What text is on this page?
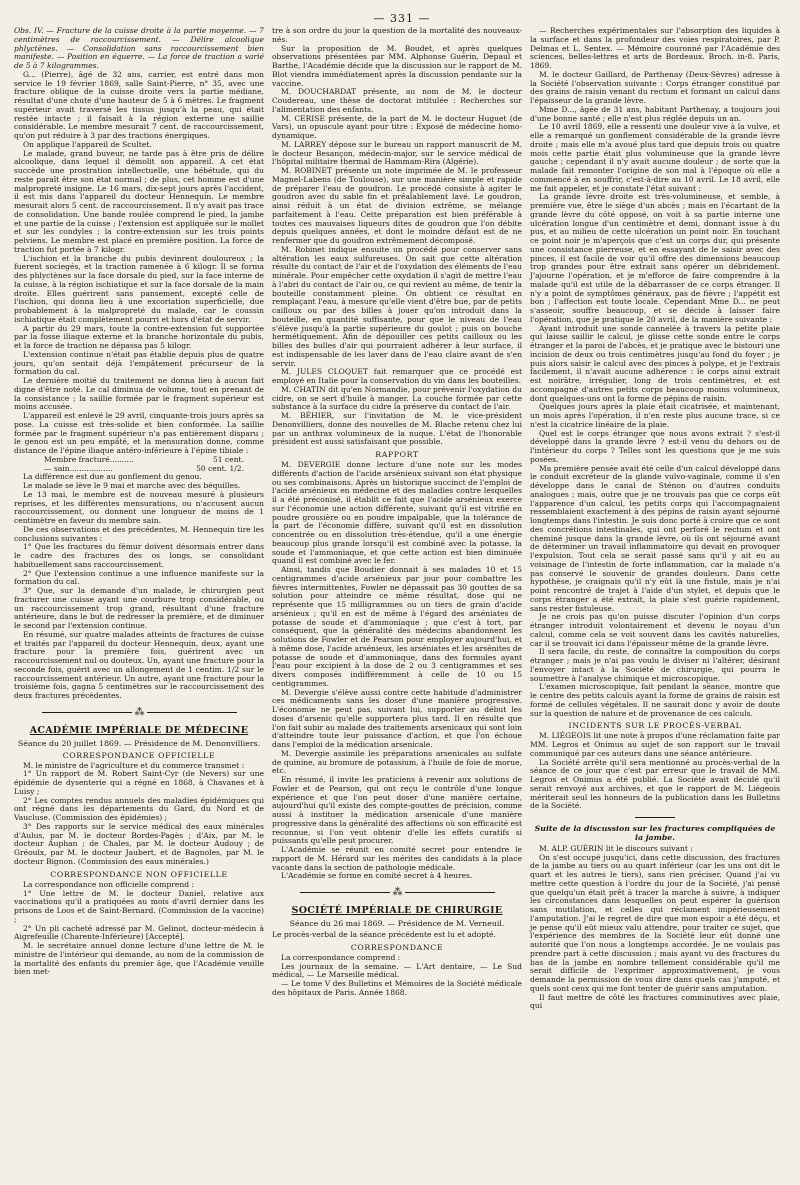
— 331 —

Obs. IV. — Fracture de la cuisse droite à la partie moyenne. — 7 centimètres de raccourcissement. — Délire alcoolique phlyctènes. — Consolidation sans raccourcissement bien manifeste. — Position en équerre. — La force de traction a varié de 5 à 7 kilogrammes.

G... (Pierre), âgé de 32 ans, carrier, est entré dans mon service le 19 février 1869, salle Saint-Pierre, n° 35, avec une fracture oblique de la cuisse droite vers la partie médiane, résultat d'une chute d'une hauteur de 5 à 6 mètres. Le fragment supérieur avait traversé les tissus jusqu'à la peau, qui était restée intacte ; il faisait à la région externe une saillie considérable. Le membre mesurait 7 cent. de raccourcissement, qu'on put réduire à 3 par des tractions énergiques.

On applique l'appareil de Scultet.

Le malade, grand buveur, ne tarde pas à être pris de délire alcoolique, dans lequel il démolit son appareil. A cet état succède une prostration intellectuelle, une hébétude, qui du reste paraît être son état normal ; de plus, cet homme est d'une malpropreté insigne. Le 16 mars, dix-sept jours après l'accident, il est mis dans l'appareil du docteur Hennequin. Le membre mesurait alors 5 cent. de raccourcissement. Il n'y avait pas trace de consolidation. Une bande roulée comprend le pied, la jambe et une partie de la cuisse ; l'extension est appliquée sur le mollet et sur les condyles ; la contre-extension sur les trois points pelviens. Le membre est placé en première position. La force de traction fut portée à 7 kilogr.

L'ischion et la branche du pubis devinrent douloureux ; la fuerent sociegés, et la traction ramenée à 6 kilogr. Il se forma des phlyctènes sur la face dorsale du pied, sur la face interne de la cuisse, à la région ischiatique et sur la face dorsale de la main droite. Elles guérirent sans pansement, excepté celle de l'ischion, qui donna lieu à une excoriation superficielle, due probablement à la malpropreté du malade, car le coussin ischiatique était complètement pourri et hors d'état de servir.

A partir du 29 mars, toute la contre-extension fut supportée par la fosse iliaque externe et la branche horizontale du pubis, et la force de traction ne dépassa pas 5 kilogr.

L'extension continue n'était pas établie depuis plus de quatre jours, qu'on sentait déjà l'empâtement précurseur de la formation du cal.

Le dernière moitié du traitement ne donna lieu à aucun fait digne d'être noté. Le cal diminua de volume, tout en prenant de la consistance ; la saillie formée par le fragment supérieur est moins accusée.

L'appareil est enlevé le 29 avril, cinquante-trois jours après sa pose. La cuisse est très-solide et bien conformée. La saillie formée par le fragment supérieur n'a pas entièrement disparu ; le genou est un peu empâté, et la mensuration donne, comme distance de l'épine iliaque antéro-inférieure à l'épine tibiale :

Membre fracturé..........	51 cent.
— sain..................	50 cent. 1/2.

La différence est due au gonflement du genou.

Le malade se lève le 9 mai et marche avec des béquilles.

Le 13 mai, le membre est de nouveau mesuré à plusieurs reprises, et les différentes mensurations, ou n'accusent aucun raccourcissement, ou donnent une longueur de moins de 1 centimètre en faveur du membre sain.

De ces observations et des précédentes, M. Hennequin tire les conclusions suivantes :

1° Que les fractures du fémur doivent désormais entrer dans le cadre des fractures des os longs, se consolidant habituellement sans raccourcissement.

2° Que l'extension continue a une influence manifeste sur la formation du cal.

3° Que, sur la demande d'un malade, le chirurgien peut fracturer une cuisse ayant une courbure trop considérable, ou un raccourcissement trop grand, résultant d'une fracture antérieure, dans le but de redresser la première, et de diminuer le second par l'extension continue.

En résumé, sur quatre malades atteints de fractures de cuisse et traités par l'appareil du docteur Hennequin, deux, ayant une fracture pour la première fois, guérirent avec un raccourcissement nul ou douteux. Un, ayant une fracture pour la seconde fois, guérit avec un allongement de 1 centim. 1/2 sur le raccourcissement antérieur. Un autre, ayant une fracture pour la troisième fois, gagna 5 centimètres sur le raccourcissement des deux fractures précédentes.

⁂
ACADÉMIE IMPÉRIALE DE MÉDECINE
Séance du 20 juillet 1869. — Présidence de M. Denonvilliers.
CORRESPONDANCE OFFICIELLE

M. le ministre de l'agriculture et du commerce transmet :

1° Un rapport de M. Robert Saint-Cyr (de Nevers) sur une épidémie de dysenterie qui a régné en 1868, à Chavanes et à Luisy ;

2° Les comptes rendus annuels des maladies épidémiques qui ont régné dans les départements du Gard, du Nord et de Vaucluse. (Commission des épidémies) ;

3° Des rapports sur le service médical des eaux minérales d'Aulus, par M. le docteur Bordes-Pagès ; d'Aix, par M. le docteur Auphan ; de Chales, par M. le docteur Audouy ; de Gréoulx, par M. le docteur Jaubert, et de Bagnoles, par M. le docteur Bignon. (Commission des eaux minérales.)

CORRESPONDANCE NON OFFICIELLE

La correspondance non officielle comprend :

1° Une lettre de M. le docteur Daniel, relative aux vaccinations qu'il a pratiquées au mois d'avril dernier dans les prisons de Loos et de Saint-Bernard. (Commission de la vaccine) ;

2° Un pli cacheté adressé par M. Gelinot, docteur-médecin à Aigrefeuille (Charente-Inférieure) [Accepté].

M. le secrétaire annuel donne lecture d'une lettre de M. le ministre de l'intérieur qui demande, au nom de la commission de la mortalité des enfants du premier âge, que l'Académie veuille bien met-

tre à son ordre du jour la question de la mortalité des nouveaux-nés.

Sur la proposition de M. Boudet, et après quelques observations présentées par MM. Alphonse Guérin, Depaul et Barthe, l'Académie décide que la discussion sur le rapport de M. Blot viendra immédiatement après la discussion pendante sur la vaccine.

M. DOUCHARDAT présente, au nom de M. le docteur Coudereau, une thèse de doctorat intitulée : Recherches sur l'alimentation des enfants.

M. CERISE présente, de la part de M. le docteur Huguet (de Vars), un opuscule ayant pour titre : Exposé de médecine homo-dynamique.

M. LARREY dépose sur le bureau un rapport manuscrit de M. le docteur Besançon, médecin-major, sur le service médical de l'hôpital militaire thermal de Hammam-Rira (Algérie).

M. ROBINET présente un note imprimée de M. le professeur Magnel-Labens (de Toulouse), sur une manière simple et rapide de préparer l'eau de goudron. Le procédé consiste à agiter le goudron avec du sable fin et préalablement lavé. Le goudron, ainsi réduit à un état de division extrême, se mélange parfaitement à l'eau. Cette préparation est bien préférable à toutes ces mauvaises liqueurs dites de goudron que l'on débite depuis quelques années, et dont le moindre défaut est de ne renfermer que du goudron extrêmement décomposé.

M. Robinet indique ensuite un procédé pour conserver sans altération les eaux sulfureuses. On sait que cette altération résulte du contact de l'air et de l'oxydation des éléments de l'eau minérale. Pour empêcher cette oxydation il s'agit de mettre l'eau à l'abri du contact de l'air ou, ce qui revient au même, de tenir la bouteille constamment pleine. On obtient ce résultat en remplaçant l'eau, à mesure qu'elle vient d'être bue, par de petits cailloux ou par des billes à jouer qu'on introduit dans la bouteille, en quantité suffisante, pour que le niveau de l'eau s'élève jusqu'à la partie supérieure du goulot ; puis on bouche hermétiquement. Afin de dépouiller ces petits cailloux ou les billes des bulles d'air qui pourraient adhérer à leur surface, il est indispensable de les laver dans de l'eau claire avant de s'en servir.

M. JULES CLOQUET fait remarquer que ce procédé est employé en Italie pour la conservation du vin dans les bouteilles.

M. CHATIN dit qu'en Normandie, pour prévenir l'oxydation du cidre, on se sert d'huile à manger. La couche formée par cette substance à la surface du cidre la préserve du contact de l'air.

M. BÉHIER, sur l'invitation de M. le vice-président Denonvilliers, donne des nouvelles de M. Blache retenu chez lui par un anthrax volumineux de la nuque. L'état de l'honorable président est aussi satisfaisant que possible.

RAPPORT

M. DEVERGIE donne lecture d'une note sur les modes différents d'action de l'acide arsénieux suivant son état physique ou ses combinaisons. Après un historique succinct de l'emploi de l'acide arsénieux en médecine et des maladies contre lesquelles il a été préconisé, il établit ce fait que l'acide arsénieux exerce sur l'économie une action différente, suivant qu'il est vitrifié en poudre grossière ou en poudre impalpable, que la tolérance de la part de l'économie diffère, suivant qu'il est en dissolution concentrée ou en dissolution très-étendue, qu'il a une énergie beaucoup plus grande lorsqu'il est combiné avec la potasse, la soude et l'ammoniaque, et que cette action est bien diminuée quand il est combiné avec le fer.

Ainsi, tandis que Boudier donnait à ses malades 10 et 15 centigrammes d'acide arsénieux par jour pour combattre les fièvres intermittentes, Fowler ne dépassait pas 30 gouttes de sa solution pour atteindre ce même résultat, dose qui ne représente que 15 milligrammes ou un tiers de grain d'acide arsénieux ; qu'il en est de même à l'égard des arséniates de potasse de soude et d'ammoniaque ; que c'est à tort, par conséquent, que la généralité des médecins abandonnent les solutions de Fowler et de Pearson pour employer aujourd'hui, et à même dose, l'acide arsénieux, les arséniates et les arsénites de potasse de soude et d'ammoniaque, dans des formules ayant l'eau pour excipient à la dose de 2 ou 3 centigrammes et ses divers composés indifféremment à celle de 10 ou 15 centigrammes.

M. Devergie s'élève aussi contre cette habitude d'administrer ces médicaments sans les doser d'une manière progressive. L'économie ne peut pas, suivant lui, supporter au début les doses d'arsenic qu'elle supportera plus tard. Il en résulte que l'on fait subir au malade des traitements arsenicaux qui sont loin d'atteindre toute leur puissance d'action, et que l'on échoue dans l'emploi de la médication arsenicale.

M. Devergie assimile les préparations arsenicales au sulfate de quinine, au bromure de potassium, à l'huile de foie de morue, etc.

En résumé, il invite les praticiens à revenir aux solutions de Fowler et de Pearson, qui ont reçu le contrôle d'une longue expérience et que l'on peut doser d'une manière certaine, aujourd'hui qu'il existe des compte-gouttes de précision, comme aussi à instituer la médication arsenicale d'une manière progressive dans la généralité des affections où son efficacité est reconnue, si l'on veut obtenir d'elle les effets curatifs si puissants qu'elle peut procurer.

L'Académie se réunit en comité secret pour entendre le rapport de M. Hérard sur les mérites des candidats à la place vacante dans la section de pathologie médicale.

L'Académie se forme en comité secret à 4 heures.

⁂
SOCIÉTÉ IMPÉRIALE DE CHIRURGIE
Séance du 26 mai 1869. — Présidence de M. Verneuil.

Le procès-verbal de la séance précédente est lu et adopté.

CORRESPONDANCE

La correspondance comprend :

Les journaux de la semaine. — L'Art dentaire, — Le Sud médical, — Le Marseille médical.

— Le tome V des Bulletins et Mémoires de la Société médicale des hôpitaux de Paris. Année 1868.

— Recherches expérimentales sur l'absorption des liquides à la surface et dans la profondeur des voies respiratoires, par P. Delmas et L. Sentex. — Mémoire couronné par l'Académie des sciences, belles-lettres et arts de Bordeaux. Broch. in-8. Paris, 1869.

M. le docteur Gaillard, de Parthenay (Deux-Sèvres) adresse à la Société l'observation suivante : Corps étranger constitué par des grains de raisin venant du rectum et formant un calcul dans l'épaisseur de la grande lèvre.

Mme D..., âgée de 31 ans, habitant Parthenay, a toujours joui d'une bonne santé ; elle n'est plus réglée depuis un an.

Le 10 avril 1869, elle a ressenti une douleur vive à la vulve, et elle a remarqué un gonflement considérable de la grande lèvre droite ; mais elle m'a avoué plus tard que depuis trois ou quatre mois cette partie était plus volumineuse que la grande lèvre gauche ; cependant il n'y avait aucune douleur ; de sorte que la malade fait remonter l'origine de son mal à l'époque où elle a commencé à en souffrir, c'est-à-dire au 10 avril. Le 18 avril, elle me fait appeler, et je constate l'état suivant :

La grande lèvre droite est très-volumineuse, et semble, à première vue, être le siège d'un abcès ; mais en l'écartant de la grande lèvre du côté opposé, on voit à sa partie interne une ulcération longue d'un centimètre et demi, donnant issue à du pus, et au milieu de cette ulcération un point noir. En touchant ce point noir je m'aperçois que c'est un corps dur, qui présente une consistance pierreuse, et en essayant de le saisir avec des pinces, il est facile de voir qu'il offre des dimensions beaucoup trop grandes pour être extrait sans opérer un débridement. J'ajourne l'opération, et je m'efforce de faire comprendre à la malade qu'il est utile de la débarrasser de ce corps étranger. Il n'y a point de symptômes généraux, pas de fièvre ; l'appétit est bon ; l'affection est toute locale. Cependant Mme D... ne peut s'asseoir, souffre beaucoup, et se décide à laisser faire l'opération, que je pratique le 20 avril, de la manière suivante :

Ayant introduit une sonde cannelée à travers la petite plaie qui laisse saillir le calcul, je glisse cette sonde entre le corps étranger et la paroi de l'abcès, et je pratique avec le bistouri une incision de deux ou trois centimètres jusqu'au fond du foyer ; je puis alors saisir le calcul avec des pinces à polype, et je l'extrais facilement, il n'avait aucune adhérence : le corps ainsi extrait est noirâtre, irrégulier, long de trois centimètres, et est accompagné d'autres petits corps beaucoup moins volumineux, dont quelques-uns ont la forme de pépins de raisin.

Quelques jours après la plaie était cicatrisée, et maintenant, un mois après l'opération, il n'en reste plus aucune trace, si ce n'est la cicatrice linéaire de la plaie.

Quel est le corps étranger que nous avons extrait ? s'est-il développé dans la grande lèvre ? est-il venu du dehors ou de l'intérieur du corps ? Telles sont les questions que je me suis posées.

Ma première pensée avait été celle d'un calcul développé dans le conduit excréteur de la glande vulvo-vaginale, comme il s'en développe dans le canal de Sténon ou d'autres conduits analogues ; mais, outre que je ne trouvais pas que ce corps eût l'apparence d'un calcul, les petits corps qui l'accompagnaient ressemblaient exactement à des pépins de raisin ayant séjourné longtemps dans l'intestin. Je suis donc porté à croire que ce sont des concrétions intestinales, qui ont perforé le rectum et ont cheminé jusque dans la grande lèvre, où ils ont séjourné avant de déterminer un travail inflammatoire qui devait en provoquer l'expulsion. Tout cela se serait passé sans qu'il y ait eu au voisinage de l'intestin de forte inflammation, car la malade n'a pas conservé le souvenir de grandes douleurs. Dans cette hypothèse, je craignais qu'il n'y eût là une fistule, mais je n'ai point rencontré de trajet à l'aide d'un stylet, et depuis que le corps étranger a été extrait, la plaie s'est guérie rapidement, sans rester fistuleuse.

Je ne crois pas qu'on puisse discuter l'opinion d'un corps étranger introduit volontairement et devenu le noyau d'un calcul, comme cela se voit souvent dans les cavités naturelles, car il se trouvait ici dans l'épaisseur même de la grande lèvre.

Il sera facile, du reste, de connaître la composition du corps étranger ; mais je n'ai pas voulu le diviser ni l'altérer, désirant l'envoyer intact à la Société de chirurgie, qui pourra le soumettre à l'analyse chimique et microscopique.

L'examen microscopique, fait pendant la séance, montre que le centre des petits calculs ayant la forme de grains de raisin est formé de cellules végétales. Il ne saurait donc y avoir de doute sur la question de nature et de provenance de ces calculs.

INCIDENTS SUR LE PROCÈS-VERBAL

M. LIÉGEOIS lit une note à propos d'une réclamation faite par MM. Legros et Onimus au sujet de son rapport sur le travail communiqué par ces auteurs dans une séance antérieure.

La Société arrête qu'il sera mentionné au procès-verbal de la séance de ce jour que c'est par erreur que le travail de MM. Legros et Onimus a été publié. La Société avait décidé qu'il serait renvoyé aux archives, et que le rapport de M. Liégeois mériterait seul les honneurs de la publication dans les Bulletins de la Société.

Suite de la discussion sur les fractures compliquées de la jambe.

M. ALP. GUÉRIN lit le discours suivant :

On s'est occupé jusqu'ici, dans cette discussion, des fractures de la jambe au tiers ou au quart inférieur (car les uns ont dit le quart et les autres le tiers), sans rien préciser. Quand j'ai vu mettre cette question à l'ordre du jour de la Société, j'ai pensé que quelqu'un était prêt à tracer la marche à suivre, à indiquer les circonstances dans lesquelles on peut espérer la guérison sans mutilation, et celles qui réclament impérieusement l'amputation. J'ai le regret de dire que mon espoir a été déçu, et je pense qu'il eût mieux valu attendre, pour traiter ce sujet, que l'expérience des membres de la Société leur eût donné une autorité que l'on nous a longtemps accordée. Je ne voulais pas prendre part à cette discussion ; mais ayant vu des fractures du bas de la jambe en nombre tellement considérable qu'il me serait difficile de l'exprimer approximativement, je vous demande la permission de vous dire dans quels cas j'amputé, et quels sont ceux qui me font tenter de guérir sans amputation.

Il faut mettre de côté les fractures comminutives avec plaie, qui
